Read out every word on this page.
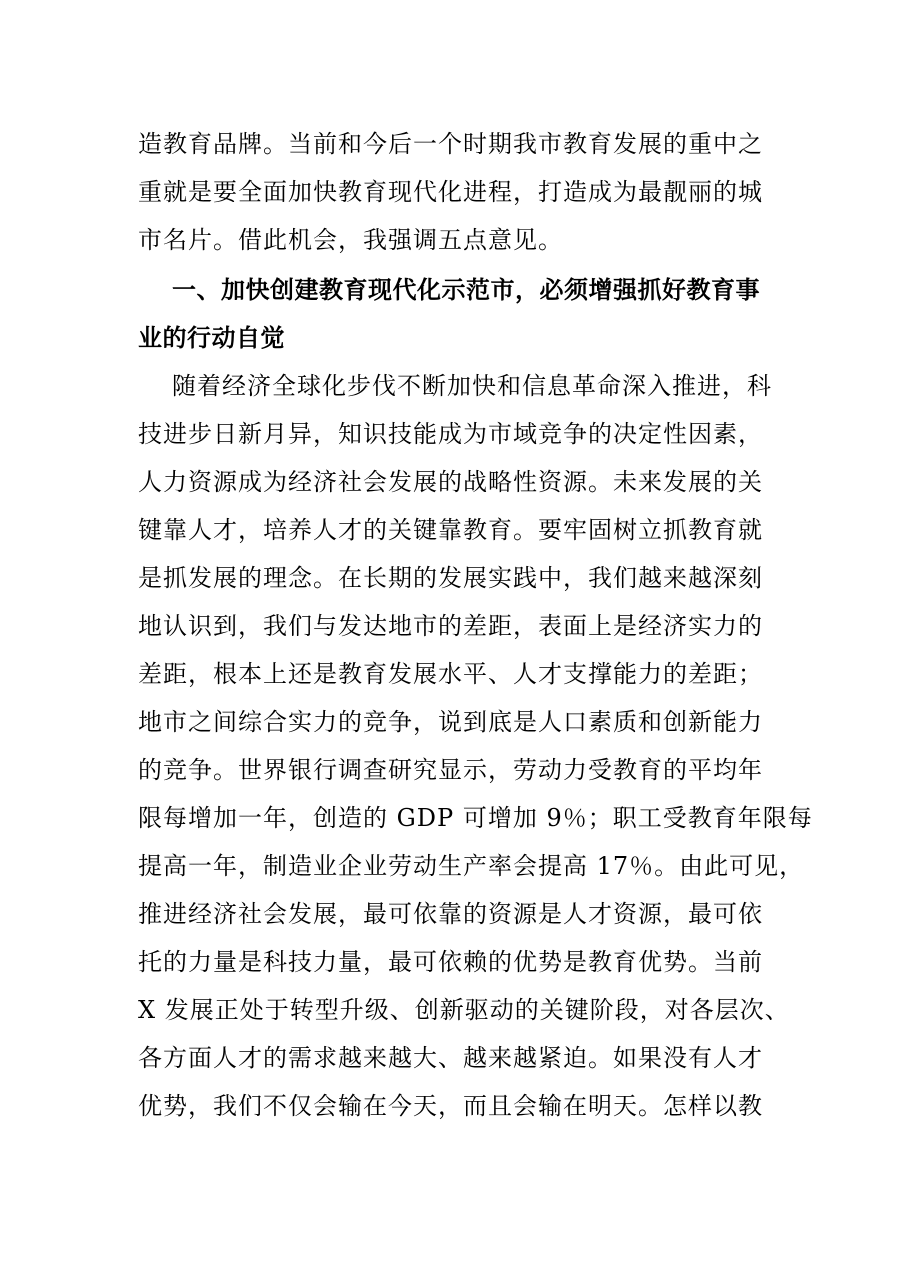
造教育品牌。当前和今后一个时期我市教育发展的重中之
重就是要全面加快教育现代化进程，打造成为最靓丽的城
市名片。借此机会，我强调五点意见。
一、加快创建教育现代化示范市，必须增强抓好教育事
业的行动自觉
随着经济全球化步伐不断加快和信息革命深入推进，科
技进步日新月异，知识技能成为市域竞争的决定性因素，
人力资源成为经济社会发展的战略性资源。未来发展的关
键靠人才，培养人才的关键靠教育。要牢固树立抓教育就
是抓发展的理念。在长期的发展实践中，我们越来越深刻
地认识到，我们与发达地市的差距，表面上是经济实力的
差距，根本上还是教育发展水平、人才支撑能力的差距；
地市之间综合实力的竞争，说到底是人口素质和创新能力
的竞争。世界银行调查研究显示，劳动力受教育的平均年
限每增加一年，创造的 GDP 可增加 9％；职工受教育年限每
提高一年，制造业企业劳动生产率会提高 17％。由此可见，
推进经济社会发展，最可依靠的资源是人才资源，最可依
托的力量是科技力量，最可依赖的优势是教育优势。当前
X 发展正处于转型升级、创新驱动的关键阶段，对各层次、
各方面人才的需求越来越大、越来越紧迫。如果没有人才
优势，我们不仅会输在今天，而且会输在明天。怎样以教
